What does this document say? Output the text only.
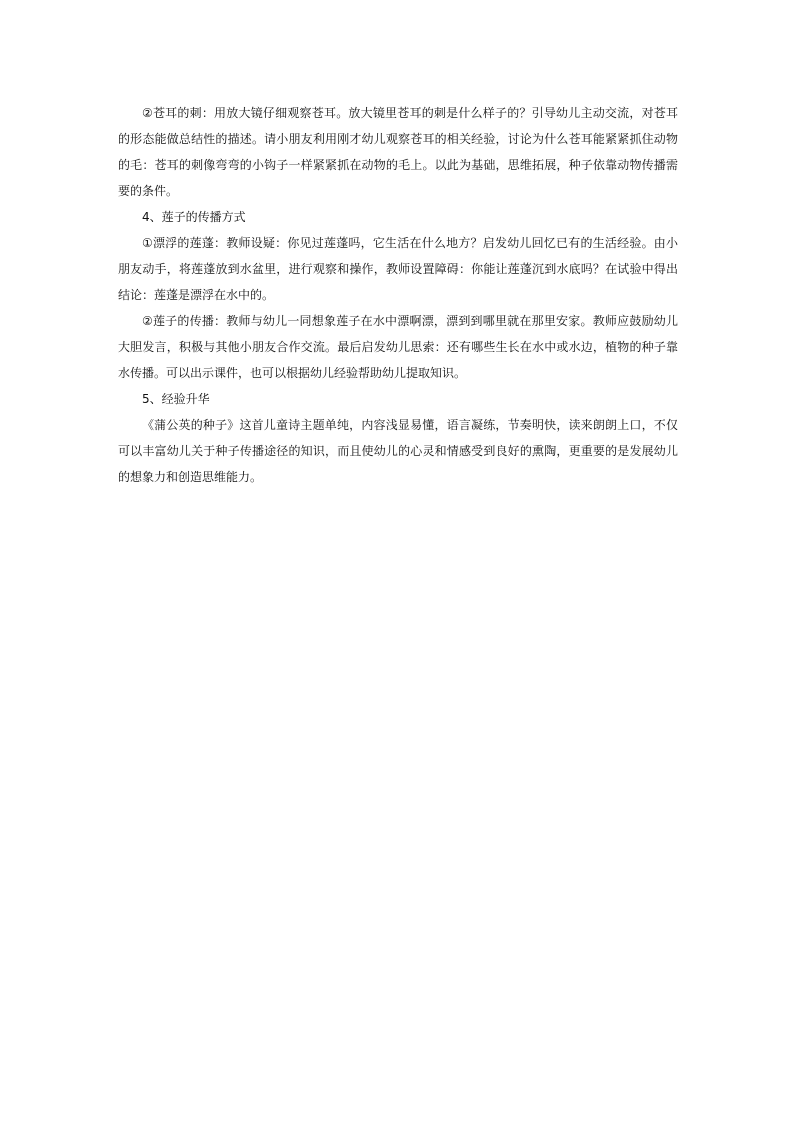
②苍耳的刺：用放大镜仔细观察苍耳。放大镜里苍耳的刺是什么样子的？引导幼儿主动交流，对苍耳的形态能做总结性的描述。请小朋友利用刚才幼儿观察苍耳的相关经验，讨论为什么苍耳能紧紧抓住动物的毛：苍耳的刺像弯弯的小钩子一样紧紧抓在动物的毛上。以此为基础，思维拓展，种子依靠动物传播需要的条件。

4、莲子的传播方式

①漂浮的莲蓬：教师设疑：你见过莲蓬吗，它生活在什么地方？启发幼儿回忆已有的生活经验。由小朋友动手，将莲蓬放到水盆里，进行观察和操作，教师设置障碍：你能让莲蓬沉到水底吗？在试验中得出结论：莲蓬是漂浮在水中的。

②莲子的传播：教师与幼儿一同想象莲子在水中漂啊漂，漂到到哪里就在那里安家。教师应鼓励幼儿大胆发言，积极与其他小朋友合作交流。最后启发幼儿思索：还有哪些生长在水中或水边，植物的种子靠水传播。可以出示课件，也可以根据幼儿经验帮助幼儿提取知识。

5、经验升华

《蒲公英的种子》这首儿童诗主题单纯，内容浅显易懂，语言凝练，节奏明快，读来朗朗上口，不仅可以丰富幼儿关于种子传播途径的知识，而且使幼儿的心灵和情感受到良好的熏陶，更重要的是发展幼儿的想象力和创造思维能力。
